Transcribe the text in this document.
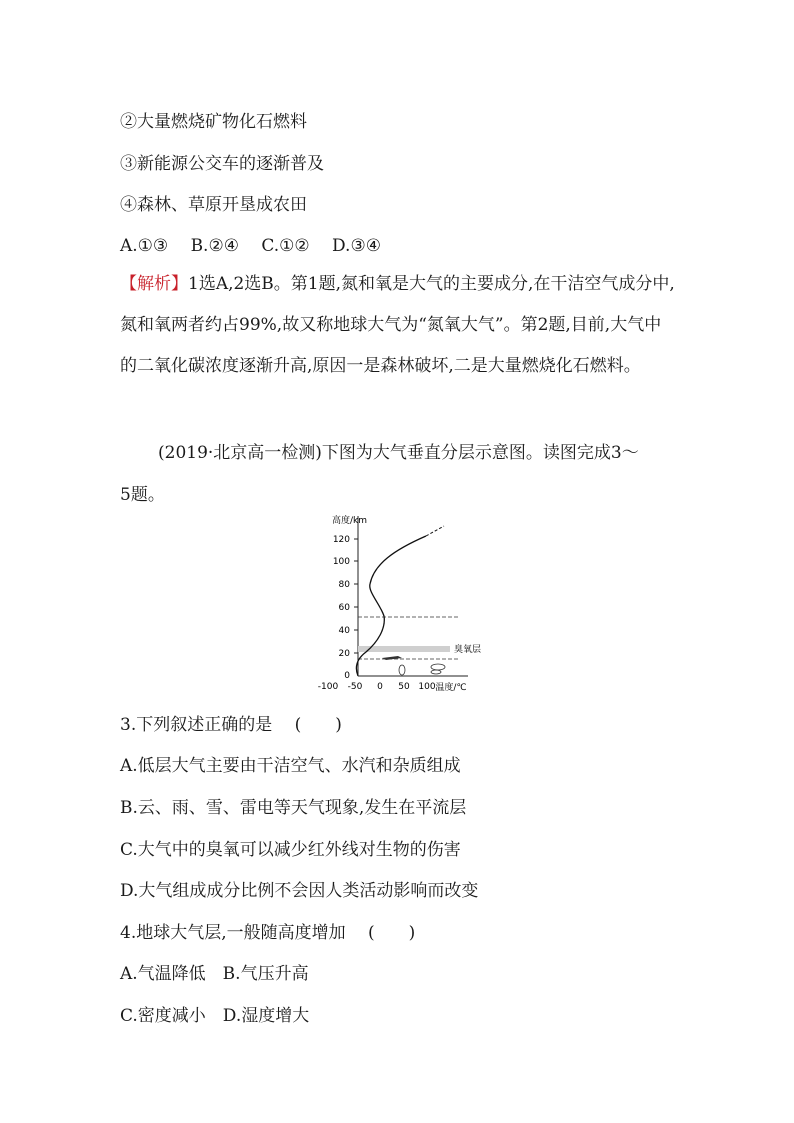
②大量燃烧矿物化石燃料
③新能源公交车的逐渐普及
④森林、草原开垦成农田
A.①③　 B.②④　 C.①②　 D.③④
【解析】1选A,2选B。第1题,氮和氧是大气的主要成分,在干洁空气成分中,氮和氧两者约占99%,故又称地球大气为“氮氧大气”。第2题,目前,大气中的二氧化碳浓度逐渐升高,原因一是森林破坏,二是大量燃烧化石燃料。
(2019·北京高一检测)下图为大气垂直分层示意图。读图完成3～
5题。
高度/km
120
100
80
60
40
20
0
-100 -50 0 50 100 温度/℃
臭氧层
3.下列叙述正确的是　 (　　)
A.低层大气主要由干洁空气、水汽和杂质组成
B.云、雨、雪、雷电等天气现象,发生在平流层
C.大气中的臭氧可以减少红外线对生物的伤害
D.大气组成成分比例不会因人类活动影响而改变
4.地球大气层,一般随高度增加　 (　　)
A.气温降低　B.气压升高
C.密度减小　D.湿度增大
